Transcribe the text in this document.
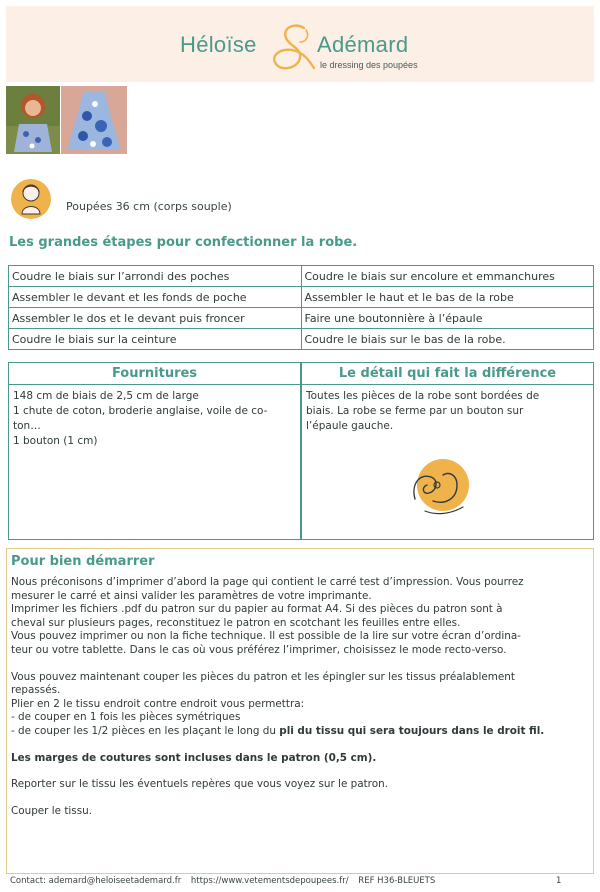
Héloïse	Adémard
le dressing des poupées
Poupées 36 cm (corps souple)
Les grandes étapes pour confectionner la robe.
Coudre le biais sur l’arrondi des poches	Coudre le biais sur encolure et emmanchures
Assembler le devant et les fonds de poche	Assembler le haut et le bas de la robe
Assembler le dos et le devant puis froncer	Faire une boutonnière à l’épaule
Coudre le biais sur la ceinture	Coudre le biais sur le bas de la robe.
Fournitures
148 cm de biais de 2,5 cm de large
1 chute de coton, broderie anglaise, voile de co-
ton…
1 bouton (1 cm)
Le détail qui fait la différence
Toutes les pièces de la robe sont bordées de
biais. La robe se ferme par un bouton sur
l’épaule gauche.
Pour bien démarrer

Nous préconisons d’imprimer d’abord la page qui contient le carré test d’impression. Vous pourrez
mesurer le carré et ainsi valider les paramètres de votre imprimante.
Imprimer les fichiers .pdf du patron sur du papier au format A4. Si des pièces du patron sont à
cheval sur plusieurs pages, reconstituez le patron en scotchant les feuilles entre elles.
Vous pouvez imprimer ou non la fiche technique. Il est possible de la lire sur votre écran d’ordina-
teur ou votre tablette. Dans le cas où vous préférez l’imprimer, choisissez le mode recto-verso.

Vous pouvez maintenant couper les pièces du patron et les épingler sur les tissus préalablement
repassés.
Plier en 2 le tissu endroit contre endroit vous permettra:
- de couper en 1 fois les pièces symétriques
- de couper les 1/2 pièces en les plaçant le long du pli du tissu qui sera toujours dans le droit fil.

Les marges de coutures sont incluses dans le patron (0,5 cm).

Reporter sur le tissu les éventuels repères que vous voyez sur le patron.

Couper le tissu.

Contact: ademard@heloiseetademard.fr https://www.vetementsdepoupees.fr/ REF H36-BLEUETS	1
